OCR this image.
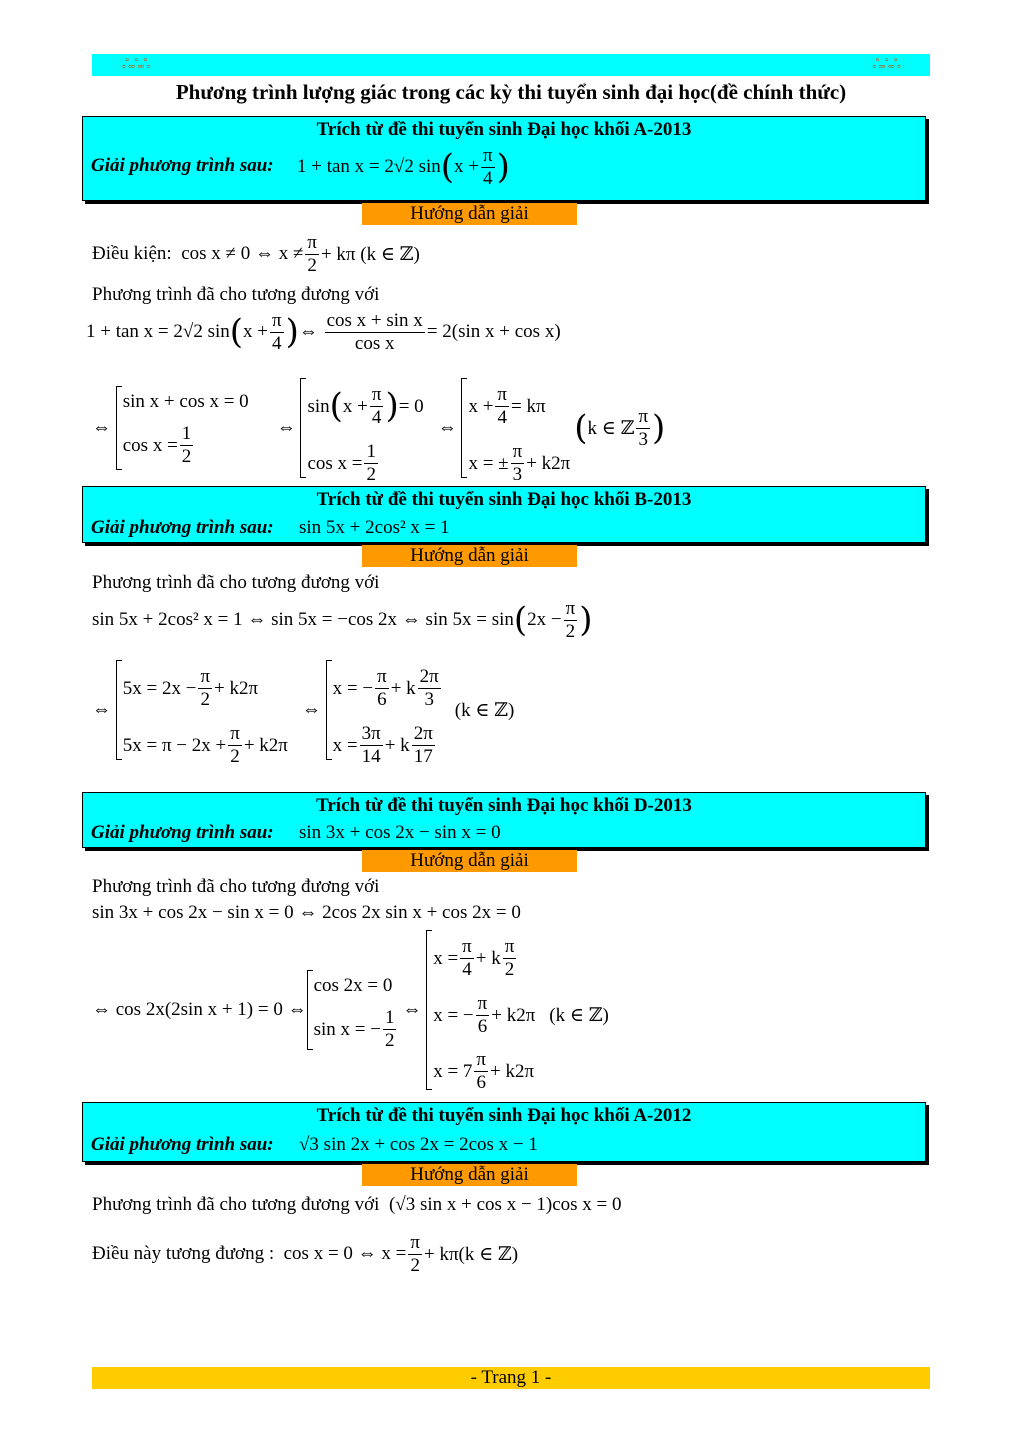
ஃஃஃ	ஃஃஃ
Phương trình lượng giác trong các kỳ thi tuyển sinh đại học(đề chính thức)
Trích từ đề thi tuyển sinh Đại học khối A-2013
Giải phương trình sau: 1 + tan x = 2√2 sin ( $x + \frac{\pi}{4}$ )
Hướng dẫn giải
Điều kiện:
cos x ≠ 0 ⇔ $x \ne \frac{\pi}{2} + k\pi$ (k ∈ ℤ)
Phương trình đã cho tương đương với
1 + tan x = 2√2 sin ( $x + \frac{\pi}{4}$ ) ⇔
$\frac{\text{cos x + sin x}}{\text{cos x}} = 2(\sin$ x + cos x)
⇔
sin x + cos x = 0
$\cos x = \frac{1}{2}$	⇔
sin ( $x + \frac{\pi}{4}$ ) = 0
$\cos x = \frac{1}{2}$
⇔
$x + \frac{\pi}{4} = k\pi$
x = ± $\frac{\pi}{3} + k2\pi$
( k ∈ ℤ $\frac{\pi}{3}$ )
Trích từ đề thi tuyển sinh Đại học khối B-2013
Giải phương trình sau: sin 5x + 2cos² x = 1
Hướng dẫn giải
Phương trình đã cho tương đương với
sin 5x + 2cos² x = 1 ⇔ sin 5x = −cos 2x ⇔ sin 5x = sin ( $2x - \frac{\pi}{2}$ )
⇔
$5x = 2x - \frac{\pi}{2} + k2\pi$
$5x = \pi - 2x + \frac{\pi}{2} + k2\pi$
⇔
x = − $\frac{\pi}{6} + k \frac{2\pi}{3}$
$x = \frac{3\pi}{14} + k \frac{2\pi}{17}$
(k ∈ ℤ)
Trích từ đề thi tuyển sinh Đại học khối D-2013
Giải phương trình sau: sin 3x + cos 2x − sin x = 0
Hướng dẫn giải
Phương trình đã cho tương đương với
sin 3x + cos 2x − sin x = 0 ⇔ 2cos 2x sin x + cos 2x = 0
⇔ cos 2x(2sin x + 1) = 0 ⇔
cos 2x = 0
sin x = − $\frac{1}{2}$ ⇔
$x = \frac{\pi}{4} + k \frac{\pi}{2}$
x = − $\frac{\pi}{6} + k2\pi$ (k ∈ ℤ)
$x = 7 \frac{\pi}{6} + k2\pi$
Trích từ đề thi tuyển sinh Đại học khối A-2012
Giải phương trình sau: √3 sin 2x + cos 2x = 2cos x − 1
Hướng dẫn giải
Phương trình đã cho tương đương với
(√3 sin x + cos x − 1)cos x = 0
Điều này tương đương :
cos x = 0 ⇔ $x = \frac{\pi}{2} + k\pi(k$ ∈ ℤ)
- Trang 1 -
